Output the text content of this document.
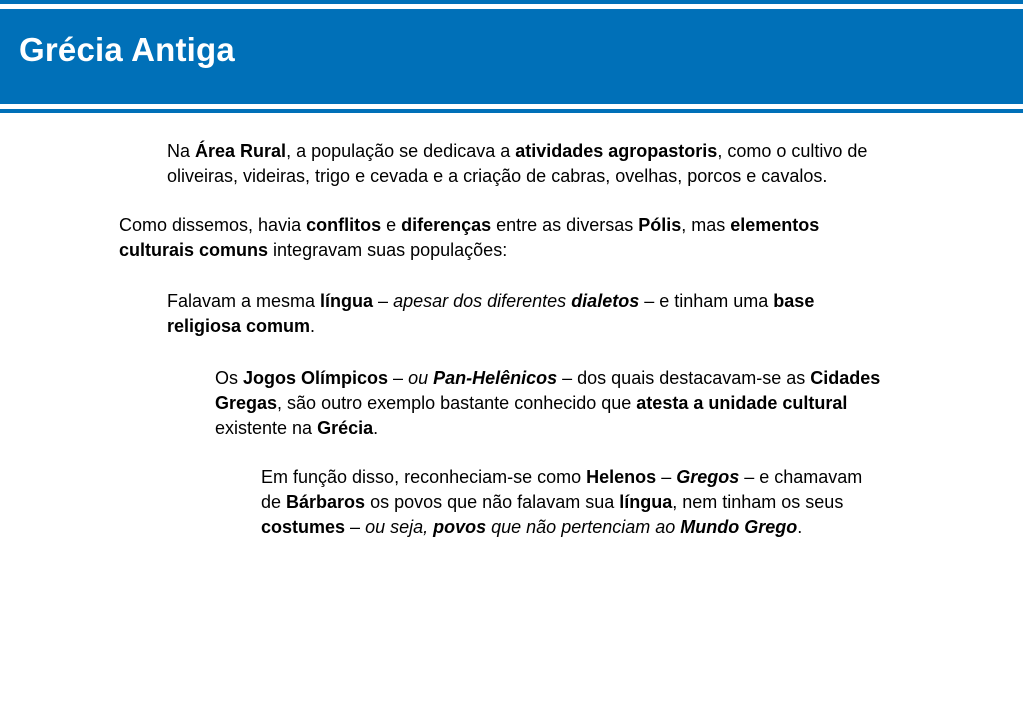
Grécia Antiga
Na Área Rural, a população se dedicava a atividades agropastoris, como o cultivo de
oliveiras, videiras, trigo e cevada e a criação de cabras, ovelhas, porcos e cavalos.
Como dissemos, havia conflitos e diferenças entre as diversas Pólis, mas elementos
culturais comuns integravam suas populações:
Falavam a mesma língua – apesar dos diferentes dialetos – e tinham uma base
religiosa comum.
Os Jogos Olímpicos – ou Pan-Helênicos – dos quais destacavam-se as Cidades
Gregas, são outro exemplo bastante conhecido que atesta a unidade cultural
existente na Grécia.
Em função disso, reconheciam-se como Helenos – Gregos – e chamavam
de Bárbaros os povos que não falavam sua língua, nem tinham os seus
costumes – ou seja, povos que não pertenciam ao Mundo Grego.
